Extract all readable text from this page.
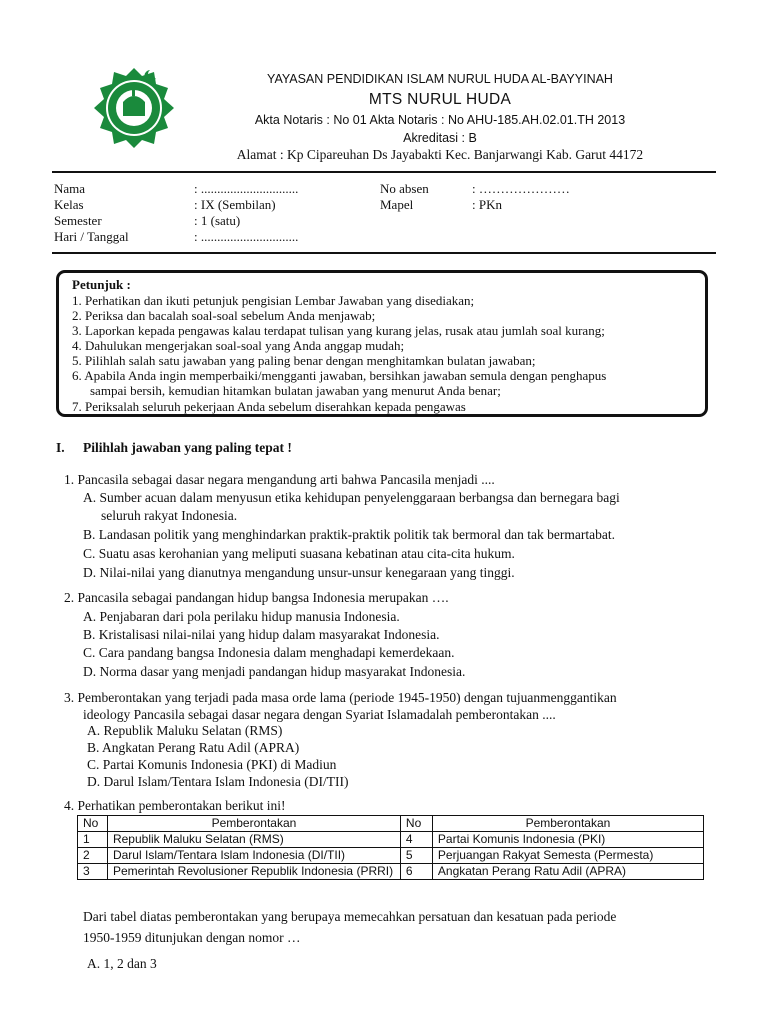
YAYASAN PENDIDIKAN ISLAM NURUL HUDA AL-BAYYINAH
MTS NURUL HUDA
Akta Notaris : No 01 Akta Notaris : No AHU-185.AH.02.01.TH 2013
Akreditasi : B
Alamat : Kp Cipareuhan Ds Jayabakti Kec. Banjarwangi Kab. Garut 44172
Nama	: ..............................
Kelas	: IX (Sembilan)
Semester	: 1 (satu)
Hari / Tanggal	: ..............................
No absen	: …………………
Mapel	: PKn
Petunjuk :
1. Perhatikan dan ikuti petunjuk pengisian Lembar Jawaban yang disediakan;
2. Periksa dan bacalah soal-soal sebelum Anda menjawab;
3. Laporkan kepada pengawas kalau terdapat tulisan yang kurang jelas, rusak atau jumlah soal kurang;
4. Dahulukan mengerjakan soal-soal yang Anda anggap mudah;
5. Pilihlah salah satu jawaban yang paling benar dengan menghitamkan bulatan jawaban;
6. Apabila Anda ingin memperbaiki/mengganti jawaban, bersihkan jawaban semula dengan penghapus
sampai bersih, kemudian hitamkan bulatan jawaban yang menurut Anda benar;
7. Periksalah seluruh pekerjaan Anda sebelum diserahkan kepada pengawas
I. Pilihlah jawaban yang paling tepat !
1. Pancasila sebagai dasar negara mengandung arti bahwa Pancasila menjadi ....
A. Sumber acuan dalam menyusun etika kehidupan penyelenggaraan berbangsa dan bernegara bagi
seluruh rakyat Indonesia.
B. Landasan politik yang menghindarkan praktik-praktik politik tak bermoral dan tak bermartabat.
C. Suatu asas kerohanian yang meliputi suasana kebatinan atau cita-cita hukum.
D. Nilai-nilai yang dianutnya mengandung unsur-unsur kenegaraan yang tinggi.
2. Pancasila sebagai pandangan hidup bangsa Indonesia merupakan ….
A. Penjabaran dari pola perilaku hidup manusia Indonesia.
B. Kristalisasi nilai-nilai yang hidup dalam masyarakat Indonesia.
C. Cara pandang bangsa Indonesia dalam menghadapi kemerdekaan.
D. Norma dasar yang menjadi pandangan hidup masyarakat Indonesia.
3. Pemberontakan yang terjadi pada masa orde lama (periode 1945-1950) dengan tujuanmenggantikan
ideology Pancasila sebagai dasar negara dengan Syariat Islamadalah pemberontakan ....
A. Republik Maluku Selatan (RMS)
B. Angkatan Perang Ratu Adil (APRA)
C. Partai Komunis Indonesia (PKI) di Madiun
D. Darul Islam/Tentara Islam Indonesia (DI/TII)
4. Perhatikan pemberontakan berikut ini!
No	Pemberontakan	No	Pemberontakan
1	Republik Maluku Selatan (RMS)	4	Partai Komunis Indonesia (PKI)
2	Darul Islam/Tentara Islam Indonesia (DI/TII)	5	Perjuangan Rakyat Semesta (Permesta)
3	Pemerintah Revolusioner Republik Indonesia (PRRI)	6	Angkatan Perang Ratu Adil (APRA)
Dari tabel diatas pemberontakan yang berupaya memecahkan persatuan dan kesatuan pada periode
1950-1959 ditunjukan dengan nomor …
A. 1, 2 dan 3
